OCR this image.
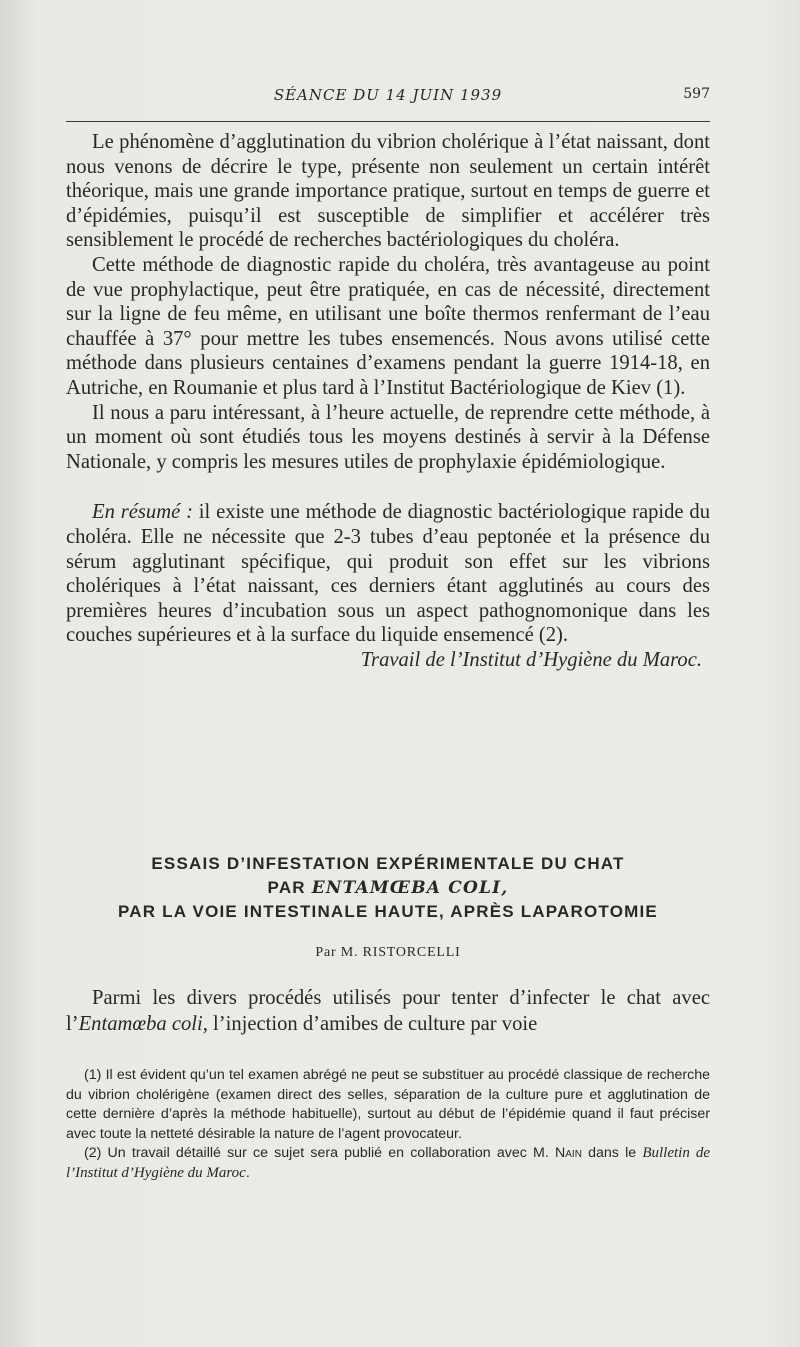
SÉANCE DU 14 JUIN 1939	597

Le phénomène d’agglutination du vibrion cholérique à l’état naissant, dont nous venons de décrire le type, présente non seulement un certain intérêt théorique, mais une grande importance pratique, surtout en temps de guerre et d’épidémies, puisqu’il est susceptible de simplifier et accélérer très sensiblement le procédé de recherches bactériologiques du choléra.

Cette méthode de diagnostic rapide du choléra, très avantageuse au point de vue prophylactique, peut être pratiquée, en cas de nécessité, directement sur la ligne de feu même, en utilisant une boîte thermos renfermant de l’eau chauffée à 37° pour mettre les tubes ensemencés. Nous avons utilisé cette méthode dans plusieurs centaines d’examens pendant la guerre 1914-18, en Autriche, en Roumanie et plus tard à l’Institut Bactériologique de Kiev (1).

Il nous a paru intéressant, à l’heure actuelle, de reprendre cette méthode, à un moment où sont étudiés tous les moyens destinés à servir à la Défense Nationale, y compris les mesures utiles de prophylaxie épidémiologique.

En résumé : il existe une méthode de diagnostic bactériologique rapide du choléra. Elle ne nécessite que 2-3 tubes d’eau peptonée et la présence du sérum agglutinant spécifique, qui produit son effet sur les vibrions cholériques à l’état naissant, ces derniers étant agglutinés au cours des premières heures d’incubation sous un aspect pathognomonique dans les couches supérieures et à la surface du liquide ensemencé (2).

Travail de l’Institut d’Hygiène du Maroc.

ESSAIS D’INFESTATION EXPÉRIMENTALE DU CHAT
PAR ENTAMŒBA COLI,
PAR LA VOIE INTESTINALE HAUTE, APRÈS LAPAROTOMIE
Par M. RISTORCELLI

Parmi les divers procédés utilisés pour tenter d’infecter le chat avec l’Entamœba coli, l’injection d’amibes de culture par voie

(1) Il est évident qu’un tel examen abrégé ne peut se substituer au procédé classique de recherche du vibrion cholérigène (examen direct des selles, séparation de la culture pure et agglutination de cette dernière d’après la méthode habituelle), surtout au début de l’épidémie quand il faut préciser avec toute la netteté désirable la nature de l’agent provocateur.

(2) Un travail détaillé sur ce sujet sera publié en collaboration avec M. Nain dans le Bulletin de l’Institut d’Hygiène du Maroc.
